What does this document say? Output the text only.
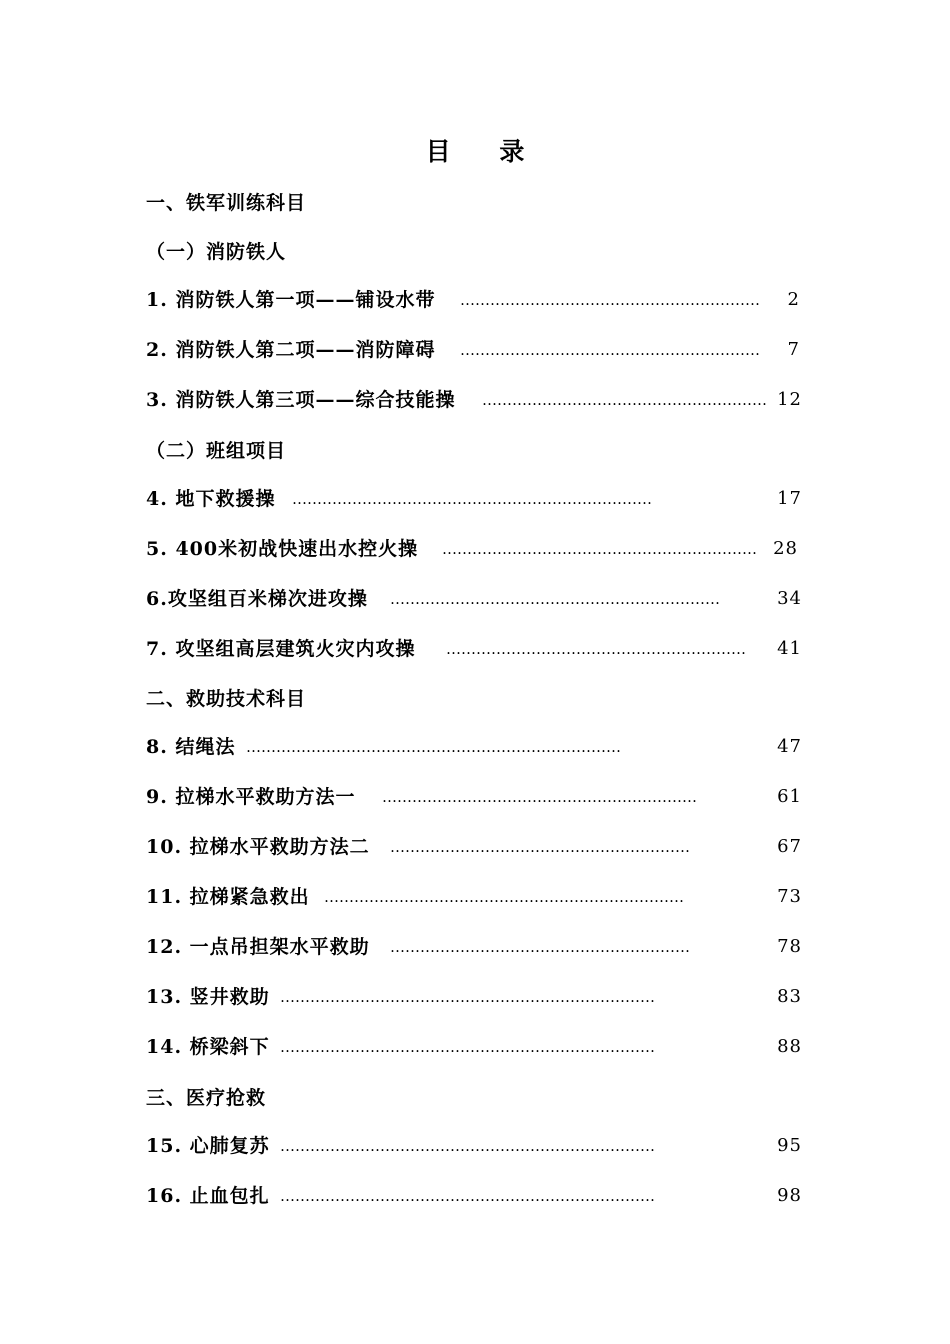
目 录
一、铁军训练科目
（一）消防铁人
1. 消防铁人第一项——铺设水带 ……………………………………………………	2
2. 消防铁人第二项——消防障碍 ……………………………………………………	7
3. 消防铁人第三项——综合技能操 ………………………………………………… 12
（二）班组项目
4. 地下救援操 ………………………………………………………………	17
5. 400米初战快速出水控火操 ……………………………………………………… 28
6.攻坚组百米梯次进攻操 …………………………………………………………	34
7. 攻坚组高层建筑火灾内攻操 ……………………………………………………	41
二、救助技术科目
8. 结绳法 …………………………………………………………………	47
9. 拉梯水平救助方法一 ………………………………………………………	61
10. 拉梯水平救助方法二 ……………………………………………………	67
11. 拉梯紧急救出 ………………………………………………………………	73
12. 一点吊担架水平救助 ……………………………………………………	78
13. 竖井救助 …………………………………………………………………	83
14. 桥梁斜下 …………………………………………………………………	88
三、医疗抢救
15. 心肺复苏 …………………………………………………………………	95
16. 止血包扎 …………………………………………………………………	98
